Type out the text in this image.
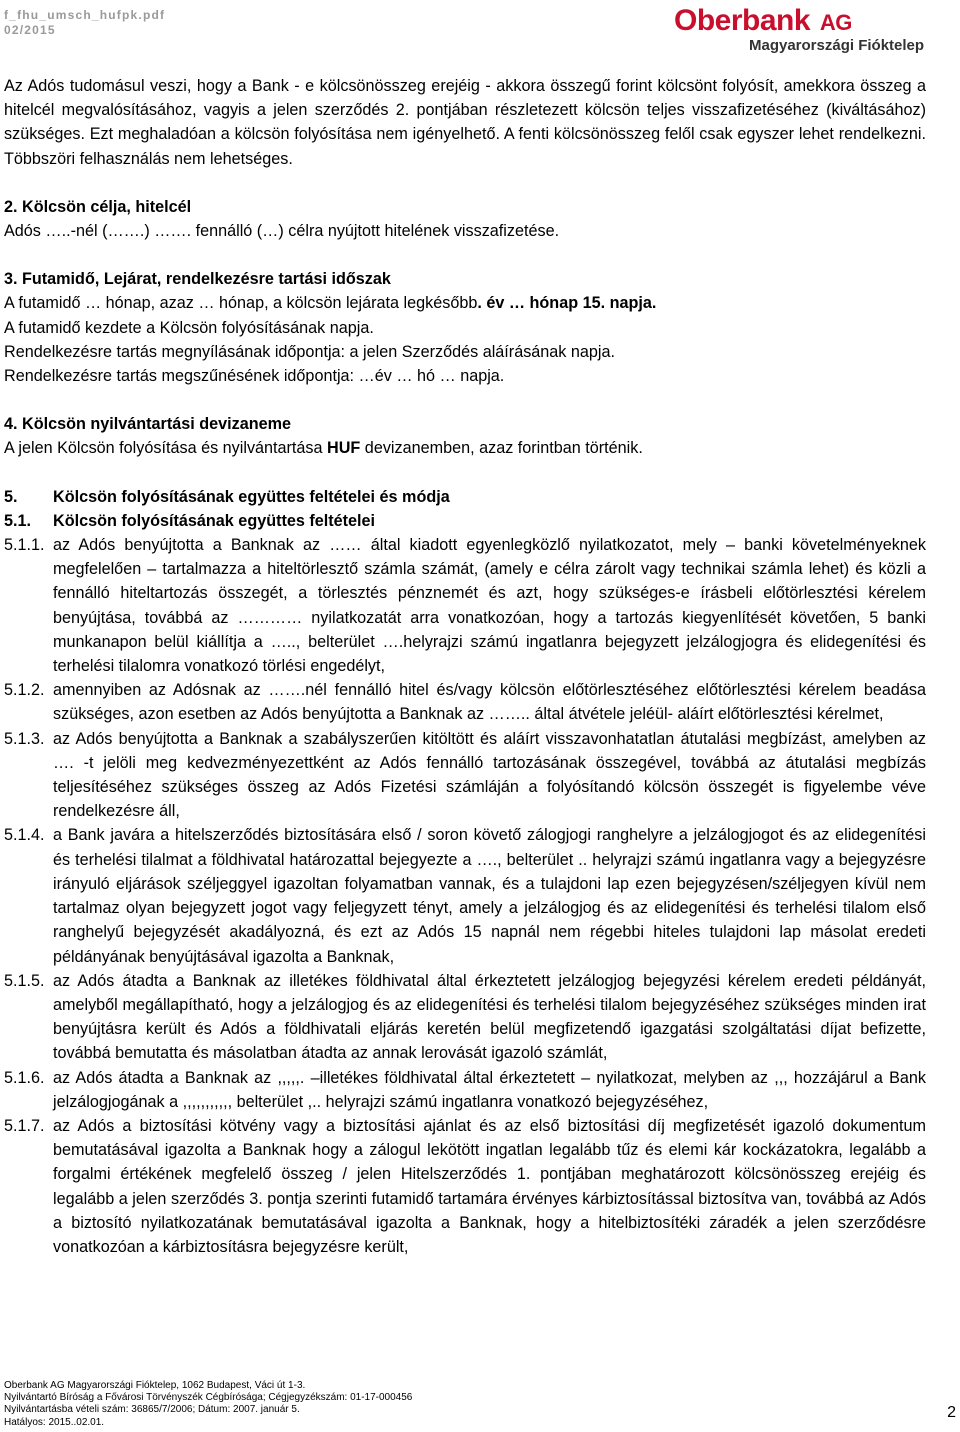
f_fhu_umsch_hufpk.pdf
02/2015	Oberbank AG
Magyarországi Fióktelep

Az Adós tudomásul veszi, hogy a Bank - e kölcsönösszeg erejéig - akkora összegű forint kölcsönt folyósít, amekkora összeg a hitelcél megvalósításához, vagyis a jelen szerződés 2. pontjában részletezett kölcsön teljes visszafizetéséhez (kiváltásához) szükséges. Ezt meghaladóan a kölcsön folyósítása nem igényelhető. A fenti kölcsönösszeg felől csak egyszer lehet rendelkezni. Többszöri felhasználás nem lehetséges.

2. Kölcsön célja, hitelcél

Adós …..-nél (…….) ……. fennálló (…) célra nyújtott hitelének visszafizetése.

3. Futamidő, Lejárat, rendelkezésre tartási időszak

A futamidő … hónap, azaz … hónap, a kölcsön lejárata legkésőbb. év … hónap 15. napja.

A futamidő kezdete a Kölcsön folyósításának napja.

Rendelkezésre tartás megnyílásának időpontja: a jelen Szerződés aláírásának napja.

Rendelkezésre tartás megszűnésének időpontja: …év … hó … napja.

4. Kölcsön nyilvántartási devizaneme

A jelen Kölcsön folyósítása és nyilvántartása HUF devizanemben, azaz forintban történik.

5.	Kölcsön folyósításának együttes feltételei és módja
5.1.	Kölcsön folyósításának együttes feltételei
5.1.1. az Adós benyújtotta a Banknak az …… által kiadott egyenlegközlő nyilatkozatot, mely – banki követelményeknek megfelelően – tartalmazza a hiteltörlesztő számla számát, (amely e célra zárolt vagy technikai számla lehet) és közli a fennálló hiteltartozás összegét, a törlesztés pénznemét és azt, hogy szükséges-e írásbeli előtörlesztési kérelem benyújtása, továbbá az ………… nyilatkozatát arra vonatkozóan, hogy a tartozás kiegyenlítését követően, 5 banki munkanapon belül kiállítja a ….., belterület ….helyrajzi számú ingatlanra bejegyzett jelzálogjogra és elidegenítési és terhelési tilalomra vonatkozó törlési engedélyt,
5.1.2. amennyiben az Adósnak az …….nél fennálló hitel és/vagy kölcsön előtörlesztéséhez előtörlesztési kérelem beadása szükséges, azon esetben az Adós benyújtotta a Banknak az …….. által átvétele jeléül- aláírt előtörlesztési kérelmet,
5.1.3. az Adós benyújtotta a Banknak a szabályszerűen kitöltött és aláírt visszavonhatatlan átutalási megbízást, amelyben az …. -t jelöli meg kedvezményezettként az Adós fennálló tartozásának összegével, továbbá az átutalási megbízás teljesítéséhez szükséges összeg az Adós Fizetési számláján a folyósítandó kölcsön összegét is figyelembe véve rendelkezésre áll,
5.1.4. a Bank javára a hitelszerződés biztosítására első / soron követő zálogjogi ranghelyre a jelzálogjogot és az elidegenítési és terhelési tilalmat a földhivatal határozattal bejegyezte a …., belterület .. helyrajzi számú ingatlanra vagy a bejegyzésre irányuló eljárások széljeggyel igazoltan folyamatban vannak, és a tulajdoni lap ezen bejegyzésen/széljegyen kívül nem tartalmaz olyan bejegyzett jogot vagy feljegyzett tényt, amely a jelzálogjog és az elidegenítési és terhelési tilalom első ranghelyű bejegyzését akadályozná, és ezt az Adós 15 napnál nem régebbi hiteles tulajdoni lap másolat eredeti példányának benyújtásával igazolta a Banknak,
5.1.5. az Adós átadta a Banknak az illetékes földhivatal által érkeztetett jelzálogjog bejegyzési kérelem eredeti példányát, amelyből megállapítható, hogy a jelzálogjog és az elidegenítési és terhelési tilalom bejegyzéséhez szükséges minden irat benyújtásra került és Adós a földhivatali eljárás keretén belül megfizetendő igazgatási szolgáltatási díjat befizette, továbbá bemutatta és másolatban átadta az annak lerovását igazoló számlát,
5.1.6. az Adós átadta a Banknak az ,,,,,. –illetékes földhivatal által érkeztetett – nyilatkozat, melyben az ,,, hozzájárul a Bank jelzálogjogának a ,,,,,,,,,,, belterület ,.. helyrajzi számú ingatlanra vonatkozó bejegyzéséhez,
5.1.7. az Adós a biztosítási kötvény vagy a biztosítási ajánlat és az első biztosítási díj megfizetését igazoló dokumentum bemutatásával igazolta a Banknak hogy a zálogul lekötött ingatlan legalább tűz és elemi kár kockázatokra, legalább a forgalmi értékének megfelelő összeg / jelen Hitelszerződés 1. pontjában meghatározott kölcsönösszeg erejéig és legalább a jelen szerződés 3. pontja szerinti futamidő tartamára érvényes kárbiztosítással biztosítva van, továbbá az Adós a biztosító nyilatkozatának bemutatásával igazolta a Banknak, hogy a hitelbiztosítéki záradék a jelen szerződésre vonatkozóan a kárbiztosításra bejegyzésre került,
Oberbank AG Magyarországi Fióktelep, 1062 Budapest, Váci út 1-3.
Nyilvántartó Bíróság a Fővárosi Törvényszék Cégbírósága; Cégjegyzékszám: 01-17-000456
Nyilvántartásba vételi szám: 36865/7/2006; Dátum: 2007. január 5.
Hatályos: 2015..02.01.
2
